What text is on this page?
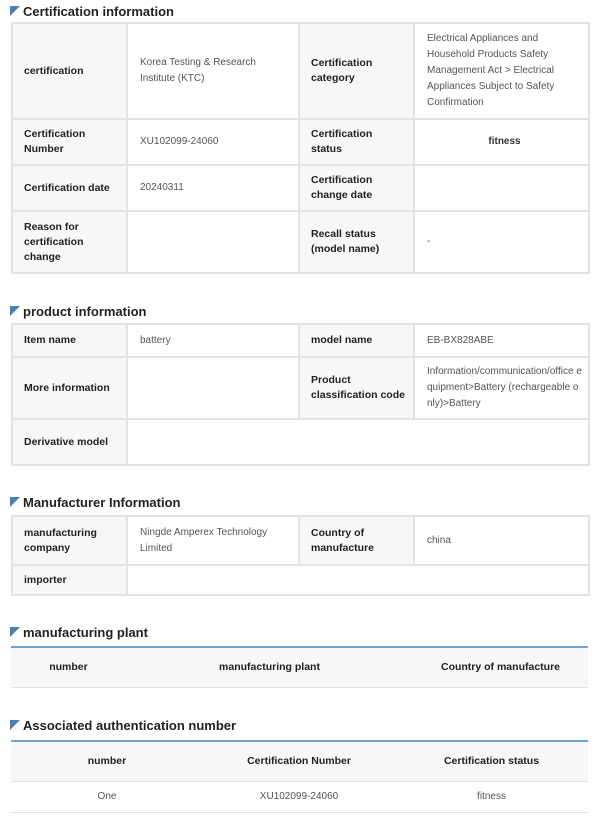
Certification information
certification	Korea Testing & Research Institute (KTC)	Certification category	Electrical Appliances and Household Products Safety Management Act > Electrical Appliances Subject to Safety Confirmation
Certification Number	XU102099-24060	Certification status	fitness
Certification date	20240311	Certification change date	
Reason for certification change		Recall status (model name)	-
product information
Item name	battery	model name	EB-BX828ABE
More information		Product classification code	Information/communication/office equipment>Battery (rechargeable only)>Battery
Derivative model			
Manufacturer Information
manufacturing company	Ningde Amperex Technology Limited	Country of manufacture	china
importer			
manufacturing plant
number	manufacturing plant	Country of manufacture
Associated authentication number
number	Certification Number	Certification status
One	XU102099-24060	fitness
